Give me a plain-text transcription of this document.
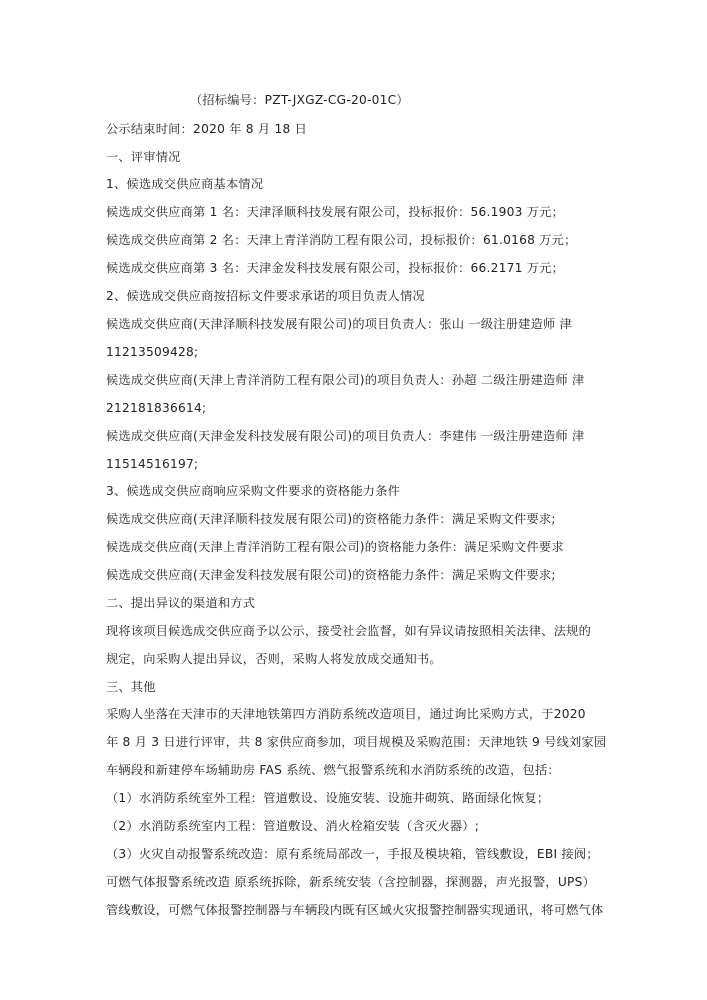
（招标编号：PZT-JXGZ-CG-20-01C）
公示结束时间：2020 年 8 月 18 日
一、评审情况
1、候选成交供应商基本情况
候选成交供应商第 1 名：天津泽顺科技发展有限公司，投标报价：56.1903 万元；
候选成交供应商第 2 名：天津上青洋消防工程有限公司，投标报价：61.0168 万元；
候选成交供应商第 3 名：天津金发科技发展有限公司，投标报价：66.2171 万元；
2、候选成交供应商按招标文件要求承诺的项目负责人情况
候选成交供应商(天津泽顺科技发展有限公司)的项目负责人：张山 一级注册建造师 津
11213509428;
候选成交供应商(天津上青洋消防工程有限公司)的项目负责人：孙超 二级注册建造师 津
212181836614;
候选成交供应商(天津金发科技发展有限公司)的项目负责人：李建伟 一级注册建造师 津
11514516197;
3、候选成交供应商响应采购文件要求的资格能力条件
候选成交供应商(天津泽顺科技发展有限公司)的资格能力条件：满足采购文件要求;
候选成交供应商(天津上青洋消防工程有限公司)的资格能力条件：满足采购文件要求
候选成交供应商(天津金发科技发展有限公司)的资格能力条件：满足采购文件要求;
二、提出异议的渠道和方式
现将该项目候选成交供应商予以公示，接受社会监督，如有异议请按照相关法律、法规的
规定，向采购人提出异议，否则，采购人将发放成交通知书。
三、其他
采购人坐落在天津市的天津地铁第四方消防系统改造项目，通过询比采购方式，于2020
年 8 月 3 日进行评审，共 8 家供应商参加，项目规模及采购范围：天津地铁 9 号线刘家园
车辆段和新建停车场辅助房 FAS 系统、燃气报警系统和水消防系统的改造，包括：
（1）水消防系统室外工程：管道敷设、设施安装、设施井砌筑、路面绿化恢复；
（2）水消防系统室内工程：管道敷设、消火栓箱安装（含灭火器）;
（3）火灾自动报警系统改造：原有系统局部改一，手报及模块箱，管线敷设，EBI 接阀；
可燃气体报警系统改造 原系统拆除，新系统安装（含控制器，探测器，声光报警，UPS）
管线敷设，可燃气体报警控制器与车辆段内既有区域火灾报警控制器实现通讯，将可燃气体
